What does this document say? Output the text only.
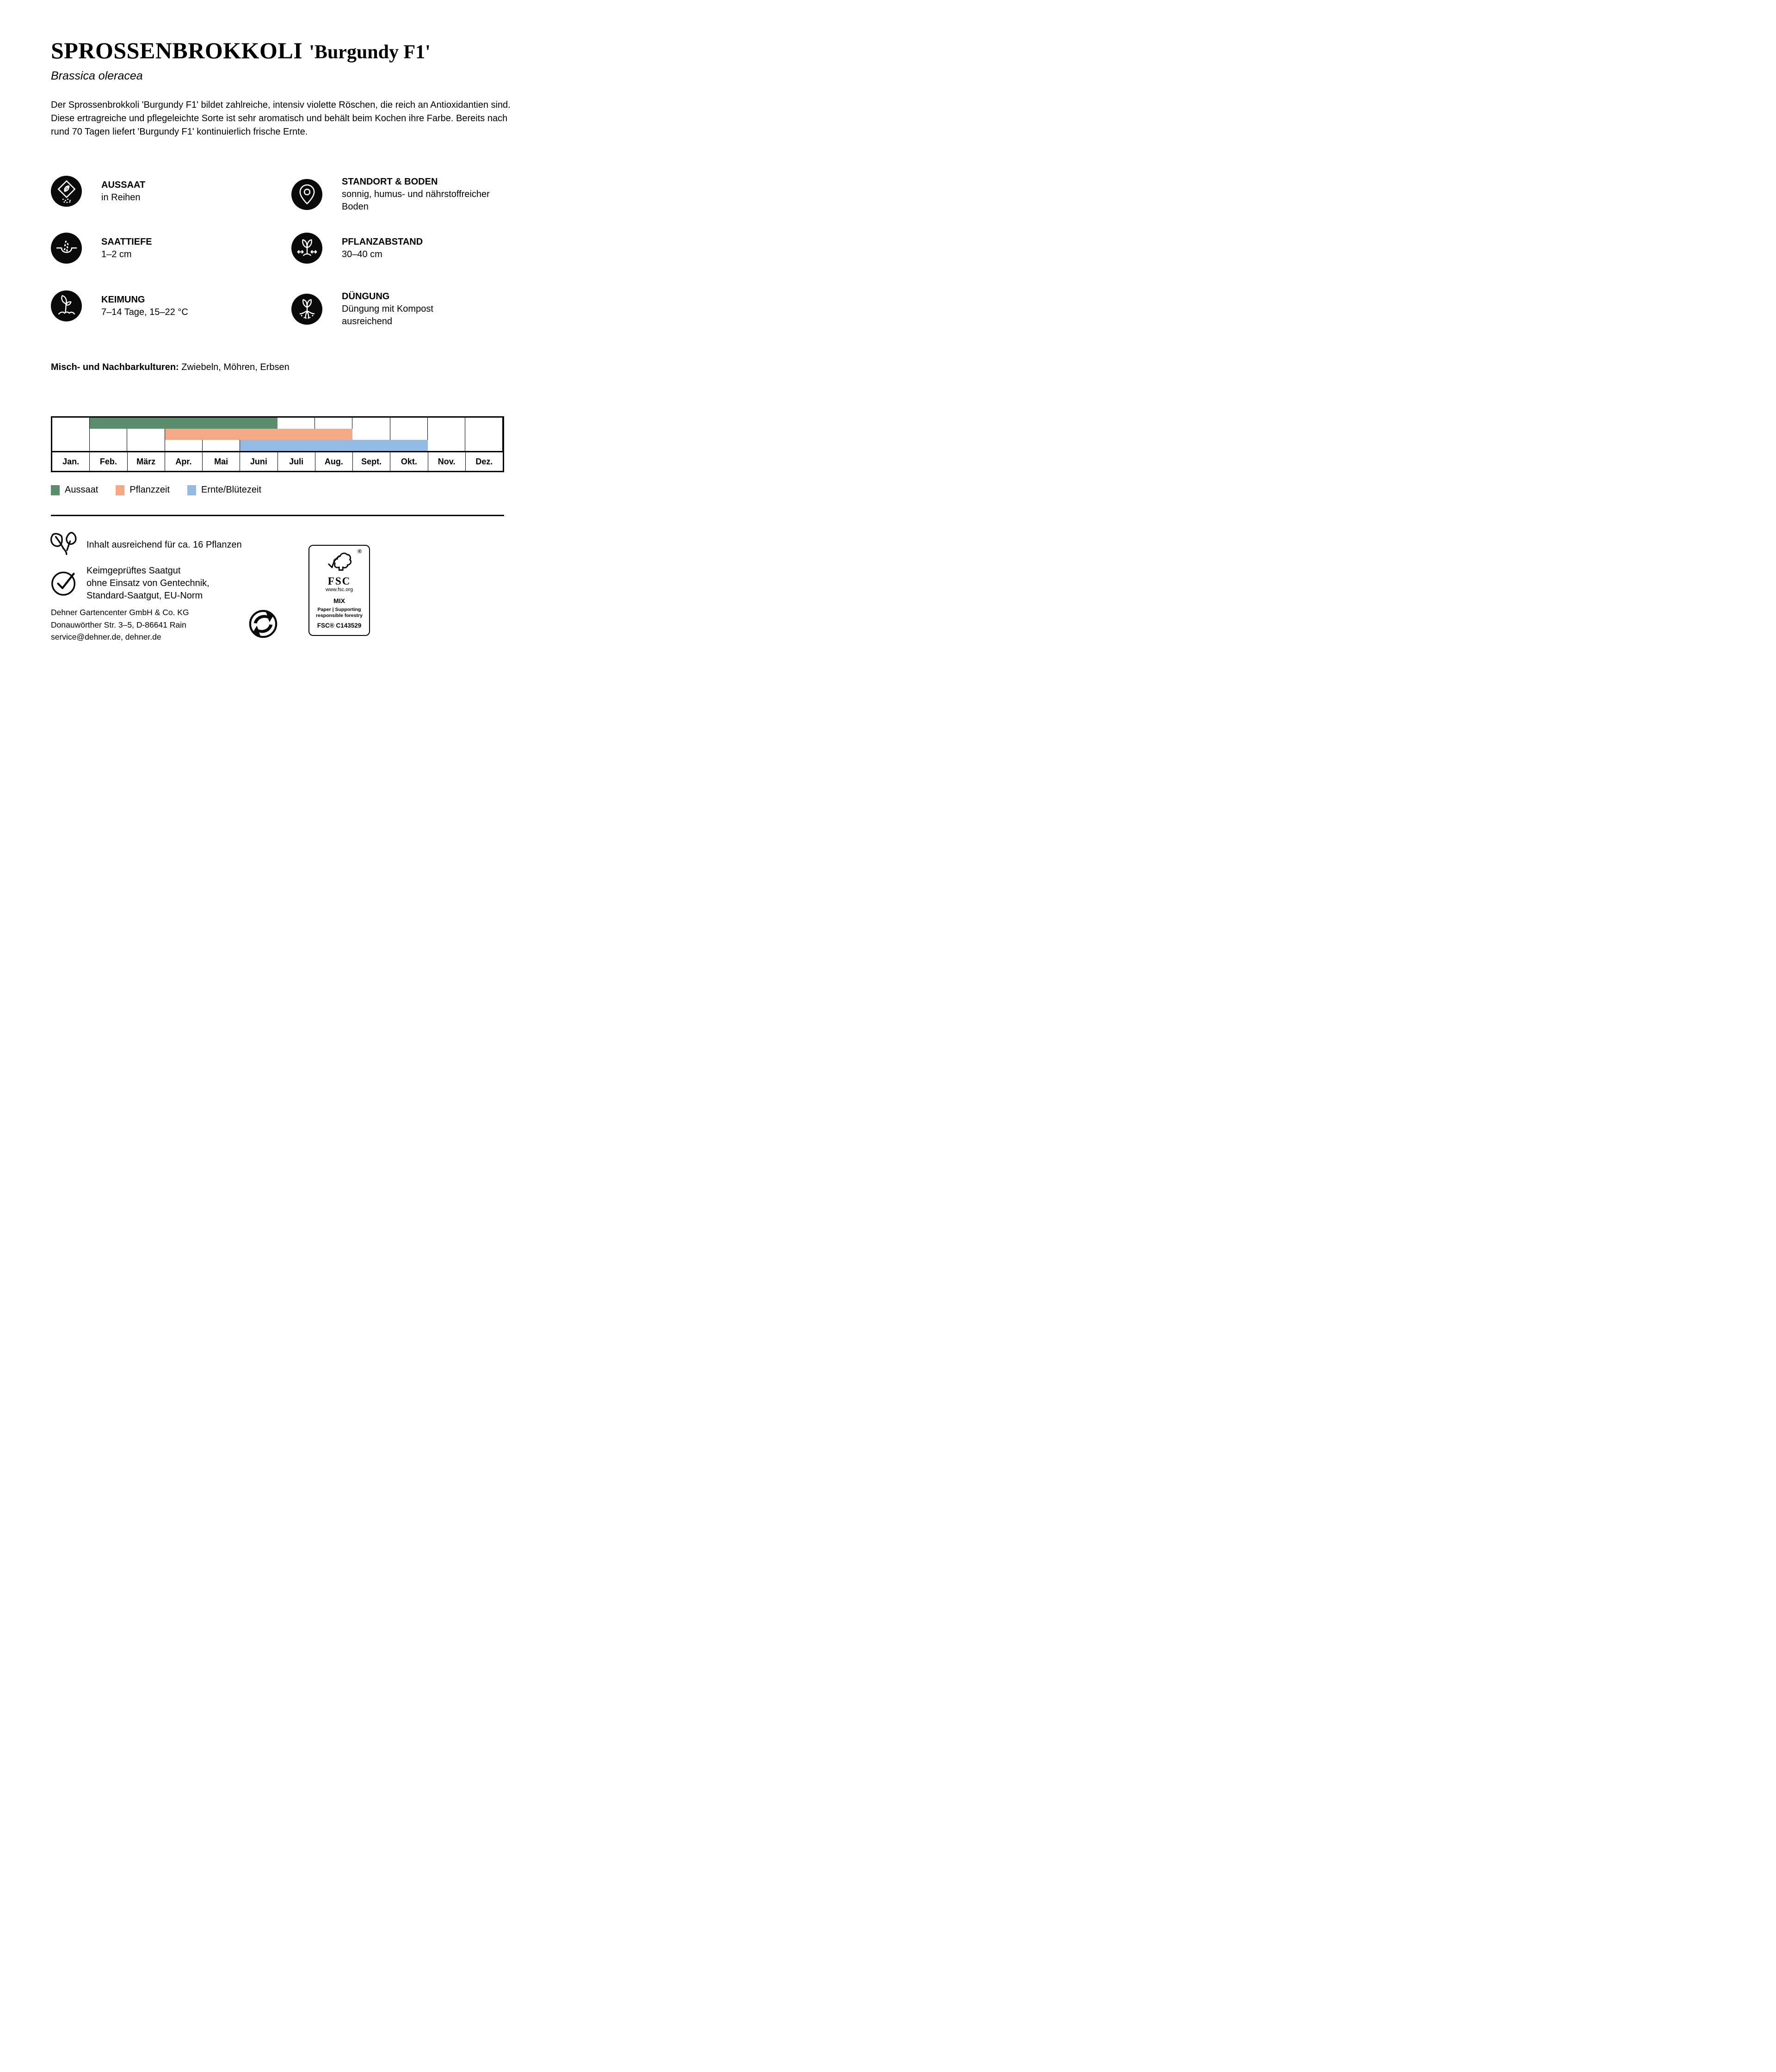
SPROSSENBROKKOLI 'Burgundy F1'
Brassica oleracea
Der Sprossenbrokkoli 'Burgundy F1' bildet zahlreiche, intensiv violette Röschen, die reich an Antioxidantien sind. Diese ertragreiche und pflegeleichte Sorte ist sehr aromatisch und behält beim Kochen ihre Farbe. Bereits nach rund 70 Tagen liefert 'Burgundy F1' kontinuierlich frische Ernte.
AUSSAAT
in Reihen
STANDORT & BODEN
sonnig, humus- und nährstoffreicher Boden
SAATTIEFE
1–2 cm
PFLANZABSTAND
30–40 cm
KEIMUNG
7–14 Tage, 15–22 °C
DÜNGUNG
Düngung mit Kompost ausreichend
Misch- und Nachbarkulturen: Zwiebeln, Möhren, Erbsen
Jan.	Feb.	März	Apr.	Mai	Juni	Juli	Aug.	Sept.	Okt.	Nov.	Dez.
Aussaat	Pflanzzeit	Ernte/Blütezeit
Inhalt ausreichend für ca. 16 Pflanzen
Keimgeprüftes Saatgut
ohne Einsatz von Gentechnik,
Standard-Saatgut, EU-Norm
Dehner Gartencenter GmbH & Co. KG
Donauwörther Str. 3–5, D-86641 Rain
service@dehner.de, dehner.de
®
FSC
www.fsc.org
MIX
Paper | Supporting
responsible forestry
FSC® C143529
